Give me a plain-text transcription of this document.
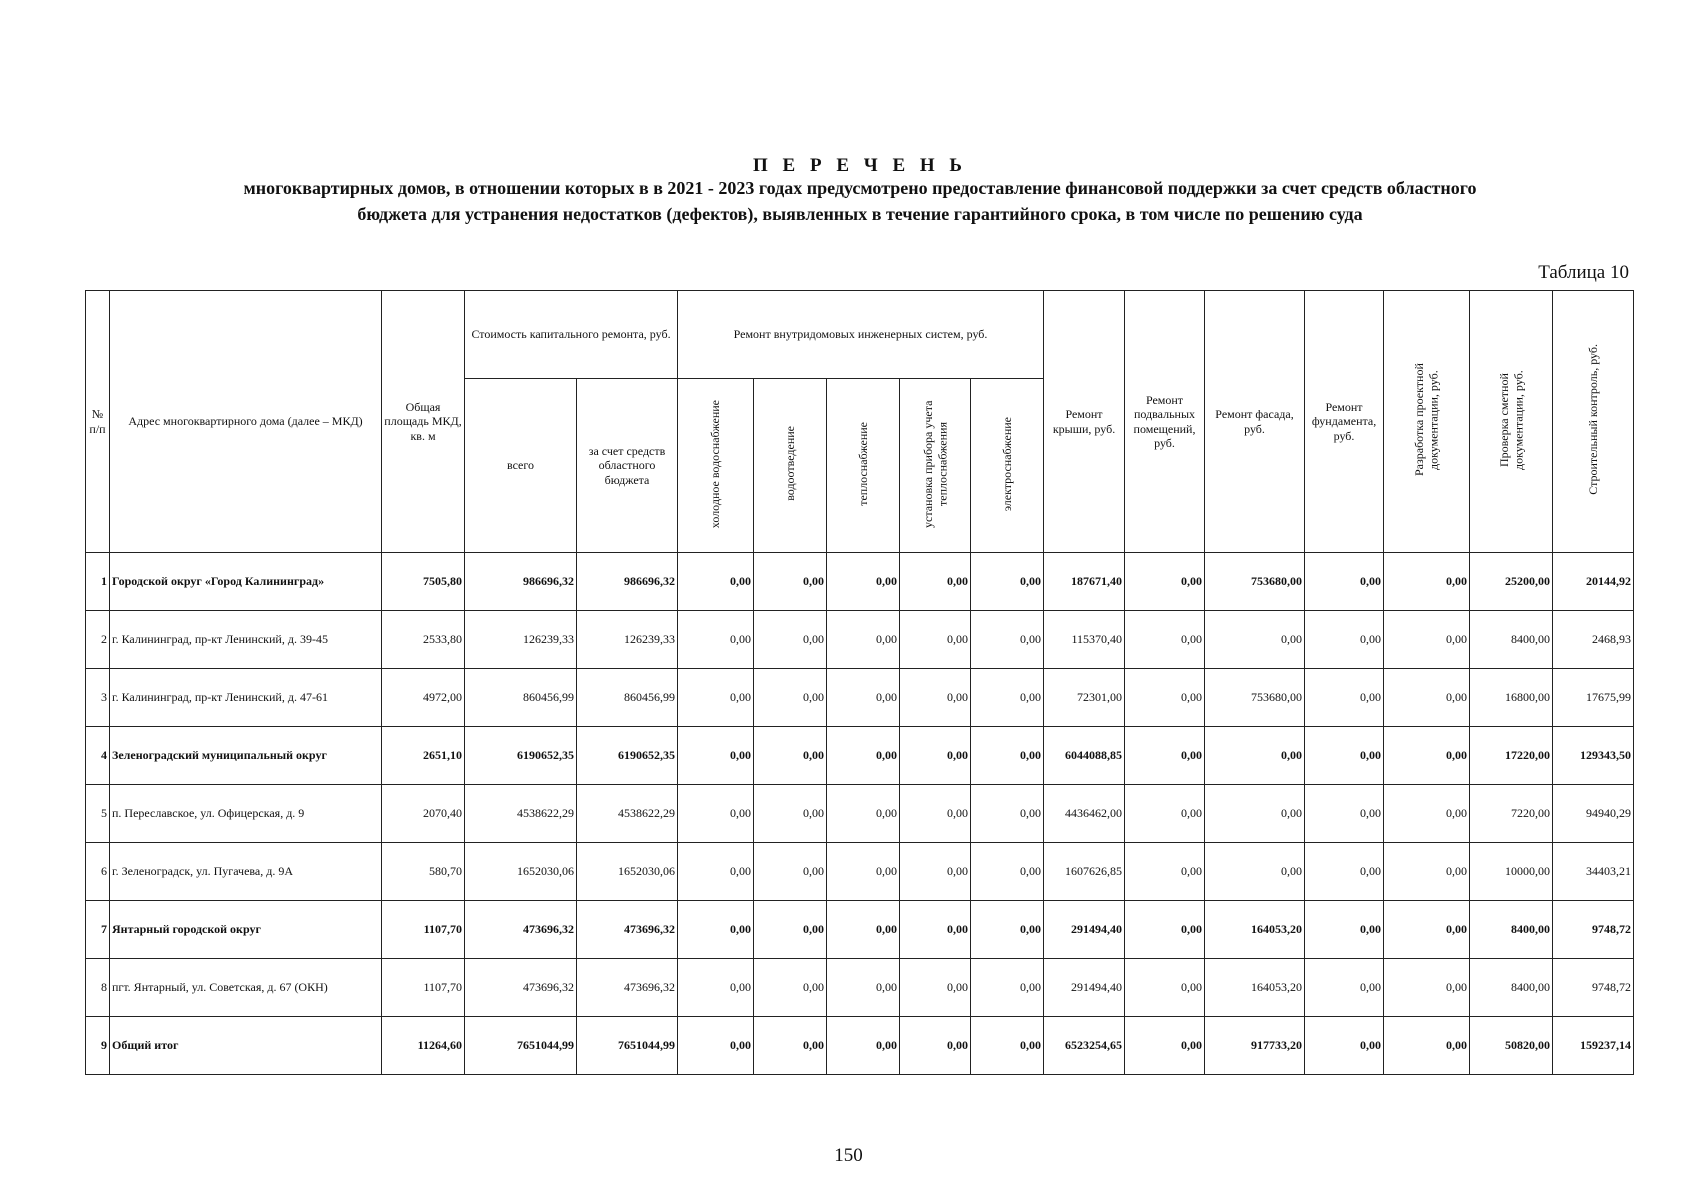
П Е Р Е Ч Е Н Ь
многоквартирных домов, в отношении которых в в 2021 - 2023 годах предусмотрено предоставление финансовой поддержки за счет средств областного
бюджета для устранения недостатков (дефектов), выявленных в течение гарантийного срока, в том числе по решению суда
Таблица 10
№ п/п	Адрес многоквартирного дома (далее – МКД)	Общая площадь МКД, кв. м	Стоимость капитального ремонта, руб.		Ремонт внутридомовых инженерных систем, руб.					Ремонт крыши, руб.	Ремонт подвальных помещений, руб.	Ремонт фасада, руб.	Ремонт фундамента, руб.	Разработка проектной документации, руб.	Проверка сметной документации, руб.	Строительный контроль, руб.
			всего	за счет средств областного бюджета	холодное водоснабжение	водоотведение	теплоснабжение	установка прибора учета теплоснабжения	электроснабжение							
1	Городской округ «Город Калининград»	7505,80	986696,32	986696,32	0,00	0,00	0,00	0,00	0,00	187671,40	0,00	753680,00	0,00	0,00	25200,00	20144,92
2	г. Калининград, пр-кт Ленинский, д. 39-45	2533,80	126239,33	126239,33	0,00	0,00	0,00	0,00	0,00	115370,40	0,00	0,00	0,00	0,00	8400,00	2468,93
3	г. Калининград, пр-кт Ленинский, д. 47-61	4972,00	860456,99	860456,99	0,00	0,00	0,00	0,00	0,00	72301,00	0,00	753680,00	0,00	0,00	16800,00	17675,99
4	Зеленоградский муниципальный округ	2651,10	6190652,35	6190652,35	0,00	0,00	0,00	0,00	0,00	6044088,85	0,00	0,00	0,00	0,00	17220,00	129343,50
5	п. Переславское, ул. Офицерская, д. 9	2070,40	4538622,29	4538622,29	0,00	0,00	0,00	0,00	0,00	4436462,00	0,00	0,00	0,00	0,00	7220,00	94940,29
6	г. Зеленоградск, ул. Пугачева, д. 9А	580,70	1652030,06	1652030,06	0,00	0,00	0,00	0,00	0,00	1607626,85	0,00	0,00	0,00	0,00	10000,00	34403,21
7	Янтарный городской округ	1107,70	473696,32	473696,32	0,00	0,00	0,00	0,00	0,00	291494,40	0,00	164053,20	0,00	0,00	8400,00	9748,72
8	пгт. Янтарный, ул. Советская, д. 67 (ОКН)	1107,70	473696,32	473696,32	0,00	0,00	0,00	0,00	0,00	291494,40	0,00	164053,20	0,00	0,00	8400,00	9748,72
9	Общий итог	11264,60	7651044,99	7651044,99	0,00	0,00	0,00	0,00	0,00	6523254,65	0,00	917733,20	0,00	0,00	50820,00	159237,14
150
